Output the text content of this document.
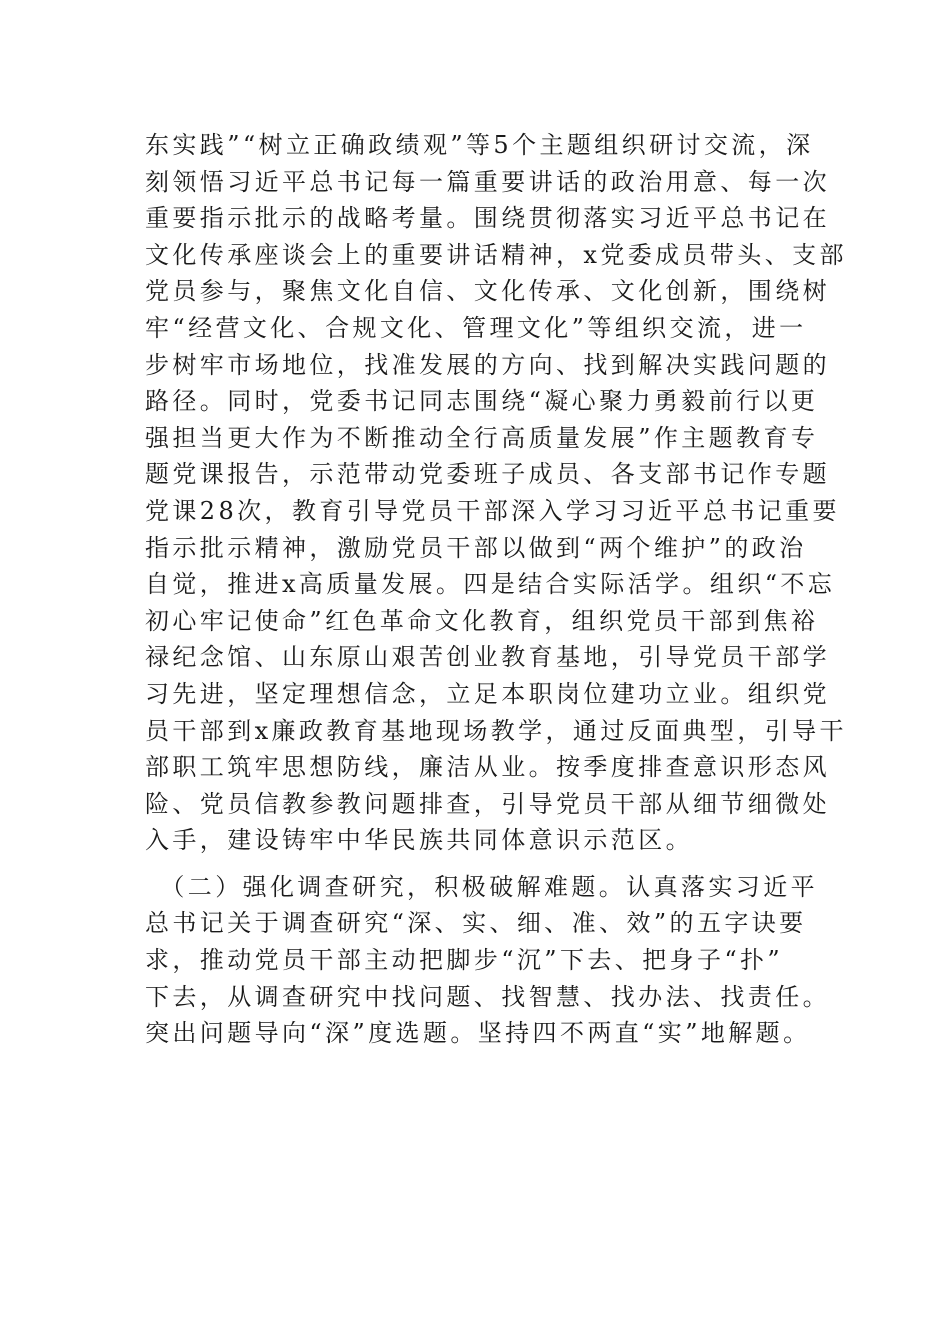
东实践”“树立正确政绩观”等5个主题组织研讨交流，深
刻领悟习近平总书记每一篇重要讲话的政治用意、每一次
重要指示批示的战略考量。围绕贯彻落实习近平总书记在
文化传承座谈会上的重要讲话精神，x党委成员带头、支部
党员参与，聚焦文化自信、文化传承、文化创新，围绕树
牢“经营文化、合规文化、管理文化”等组织交流，进一
步树牢市场地位，找准发展的方向、找到解决实践问题的
路径。同时，党委书记同志围绕“凝心聚力勇毅前行以更
强担当更大作为不断推动全行高质量发展”作主题教育专
题党课报告，示范带动党委班子成员、各支部书记作专题
党课28次，教育引导党员干部深入学习习近平总书记重要
指示批示精神，激励党员干部以做到“两个维护”的政治
自觉，推进x高质量发展。四是结合实际活学。组织“不忘
初心牢记使命”红色革命文化教育，组织党员干部到焦裕
禄纪念馆、山东原山艰苦创业教育基地，引导党员干部学
习先进，坚定理想信念，立足本职岗位建功立业。组织党
员干部到x廉政教育基地现场教学，通过反面典型，引导干
部职工筑牢思想防线，廉洁从业。按季度排查意识形态风
险、党员信教参教问题排查，引导党员干部从细节细微处
入手，建设铸牢中华民族共同体意识示范区。
　（二）强化调查研究，积极破解难题。认真落实习近平
总书记关于调查研究“深、实、细、准、效”的五字诀要
求，推动党员干部主动把脚步“沉”下去、把身子“扑”
下去，从调查研究中找问题、找智慧、找办法、找责任。
突出问题导向“深”度选题。坚持四不两直“实”地解题。
